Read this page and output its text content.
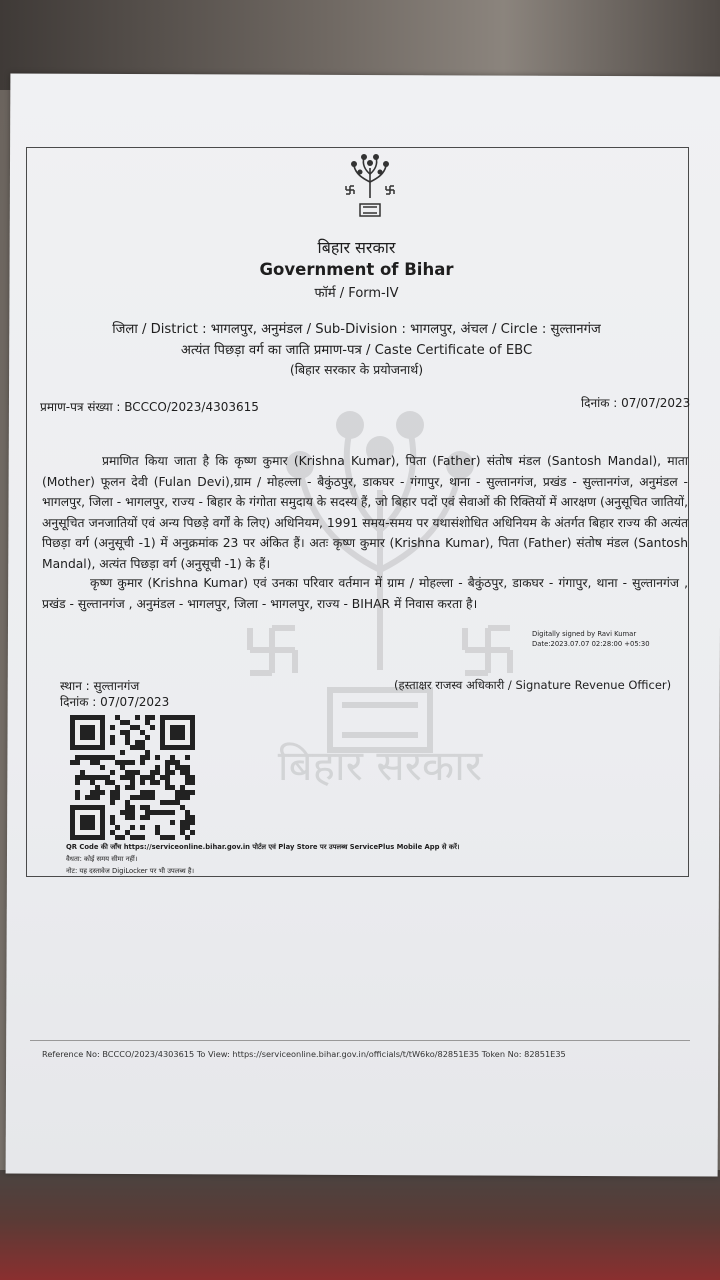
बिहार सरकार
बिहार सरकार
Government of Bihar
फॉर्म / Form-IV
जिला / District : भागलपुर, अनुमंडल / Sub-Division : भागलपुर, अंचल / Circle : सुल्तानगंज
अत्यंत पिछड़ा वर्ग का जाति प्रमाण-पत्र / Caste Certificate of EBC
(बिहार सरकार के प्रयोजनार्थ)
प्रमाण-पत्र संख्या : BCCCO/2023/4303615	दिनांक : 07/07/2023
प्रमाणित किया जाता है कि कृष्ण कुमार (Krishna Kumar), पिता (Father) संतोष मंडल (Santosh Mandal), माता (Mother) फूलन देवी (Fulan Devi),ग्राम / मोहल्ला - बैकुंठपुर, डाकघर - गंगापुर, थाना - सुल्तानगंज, प्रखंड - सुल्तानगंज, अनुमंडल - भागलपुर, जिला - भागलपुर, राज्य - बिहार के गंगोता समुदाय के सदस्य हैं, जो बिहार पदों एवं सेवाओं की रिक्तियों में आरक्षण (अनुसूचित जातियों, अनुसूचित जनजातियों एवं अन्य पिछड़े वर्गों के लिए) अधिनियम, 1991 समय-समय पर यथासंशोधित अधिनियम के अंतर्गत बिहार राज्य की अत्यंत पिछड़ा वर्ग (अनुसूची -1) में अनुक्रमांक 23 पर अंकित हैं। अतः कृष्ण कुमार (Krishna Kumar), पिता (Father) संतोष मंडल (Santosh Mandal), अत्यंत पिछड़ा वर्ग (अनुसूची -1) के हैं।
कृष्ण कुमार (Krishna Kumar) एवं उनका परिवार वर्तमान में ग्राम / मोहल्ला - बैकुंठपुर, डाकघर - गंगापुर, थाना - सुल्तानगंज , प्रखंड - सुल्तानगंज , अनुमंडल - भागलपुर, जिला - भागलपुर, राज्य - BIHAR में निवास करता है।
Digitally signed by Ravi Kumar
Date:2023.07.07 02:28:00 +05:30
स्थान : सुल्तानगंज
दिनांक : 07/07/2023
(हस्ताक्षर राजस्व अधिकारी / Signature Revenue Officer)
QR Code की जाँच https://serviceonline.bihar.gov.in पोर्टल एवं Play Store पर उपलब्ध ServicePlus Mobile App से करें।
वैधता: कोई समय सीमा नहीं।
नोट: यह दस्तावेज DigiLocker पर भी उपलब्ध है।
Reference No: BCCCO/2023/4303615 To View: https://serviceonline.bihar.gov.in/officials/t/tW6ko/82851E35 Token No: 82851E35
